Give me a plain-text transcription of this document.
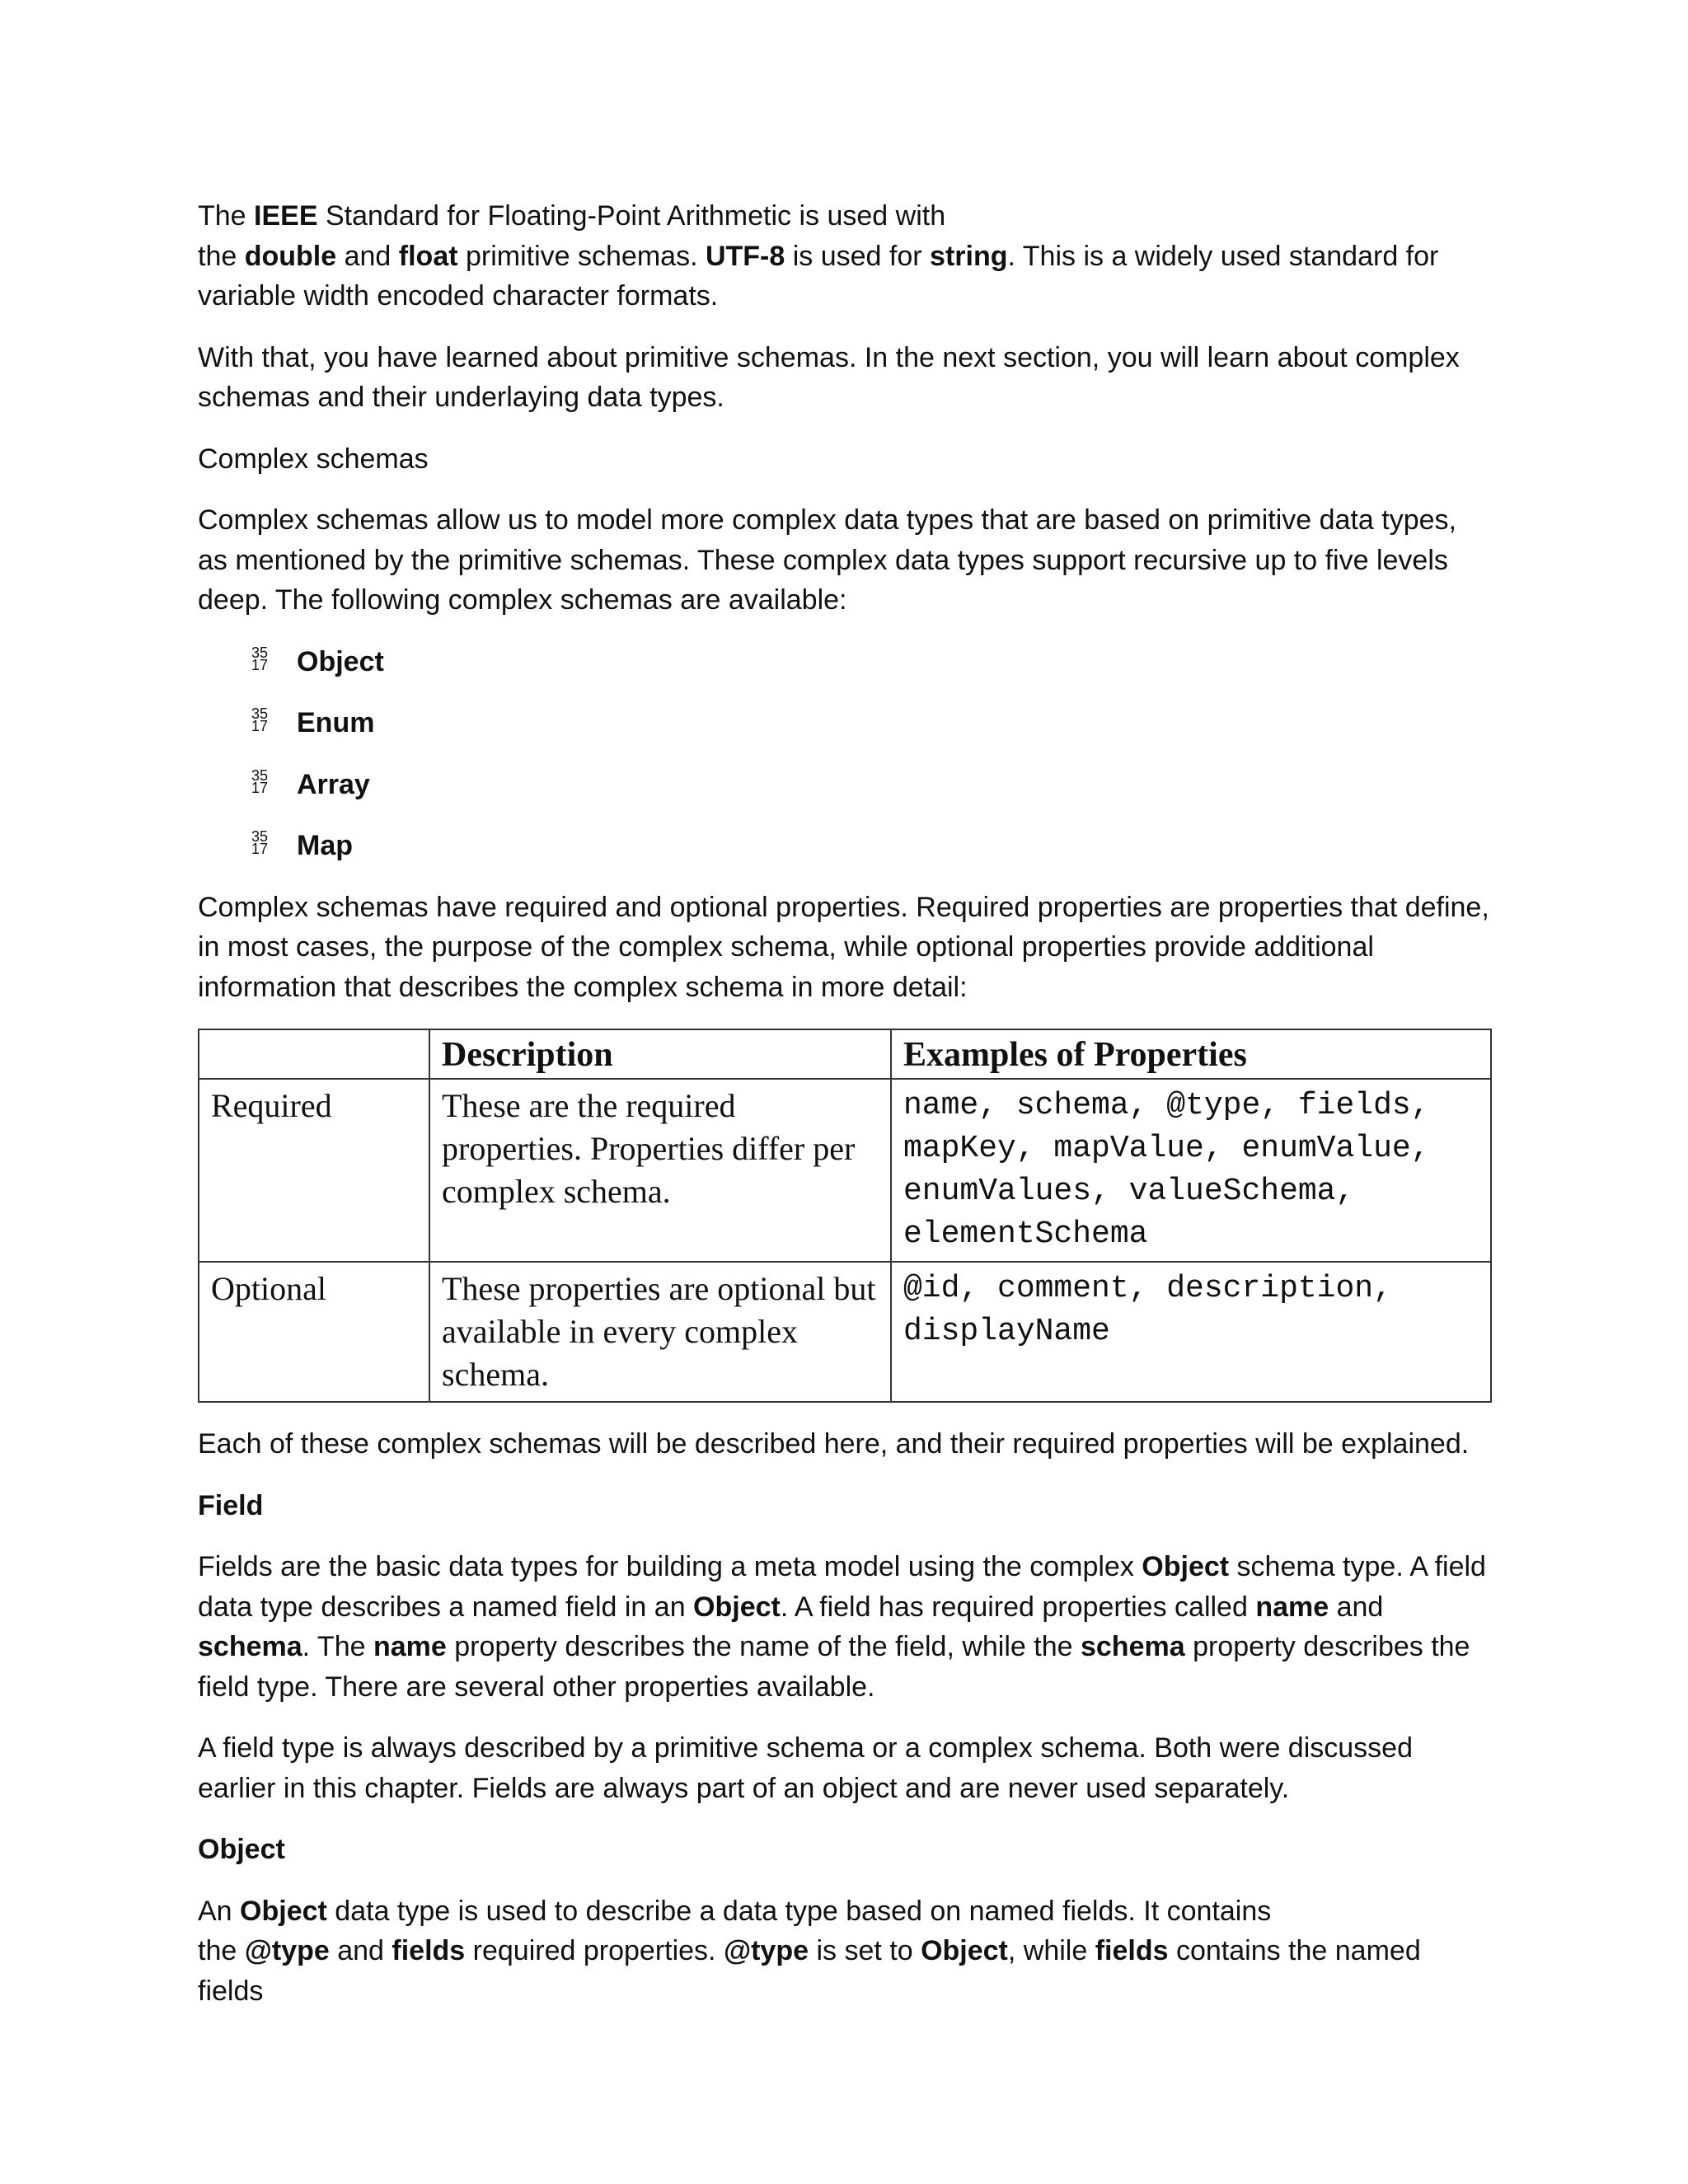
The IEEE Standard for Floating-Point Arithmetic is used with
the double and float primitive schemas. UTF-8 is used for string. This is a widely used standard for variable width encoded character formats.

With that, you have learned about primitive schemas. In the next section, you will learn about complex schemas and their underlaying data types.

Complex schemas

Complex schemas allow us to model more complex data types that are based on primitive data types, as mentioned by the primitive schemas. These complex data types support recursive up to five levels deep. The following complex schemas are available:

35
17 Object
35
17 Enum
35
17 Array
35
17 Map

Complex schemas have required and optional properties. Required properties are properties that define, in most cases, the purpose of the complex schema, while optional properties provide additional information that describes the complex schema in more detail:

	Description	Examples of Properties
Required	These are the required properties. Properties differ per complex schema.	name, schema, @type, fields, mapKey, mapValue, enumValue, enumValues, valueSchema, elementSchema
Optional	These properties are optional but available in every complex schema.	@id, comment, description, displayName

Each of these complex schemas will be described here, and their required properties will be explained.

Field

Fields are the basic data types for building a meta model using the complex Object schema type. A field data type describes a named field in an Object. A field has required properties called name and schema. The name property describes the name of the field, while the schema property describes the field type. There are several other properties available.

A field type is always described by a primitive schema or a complex schema. Both were discussed earlier in this chapter. Fields are always part of an object and are never used separately.

Object

An Object data type is used to describe a data type based on named fields. It contains
the @type and fields required properties. @type is set to Object, while fields contains the named fields
